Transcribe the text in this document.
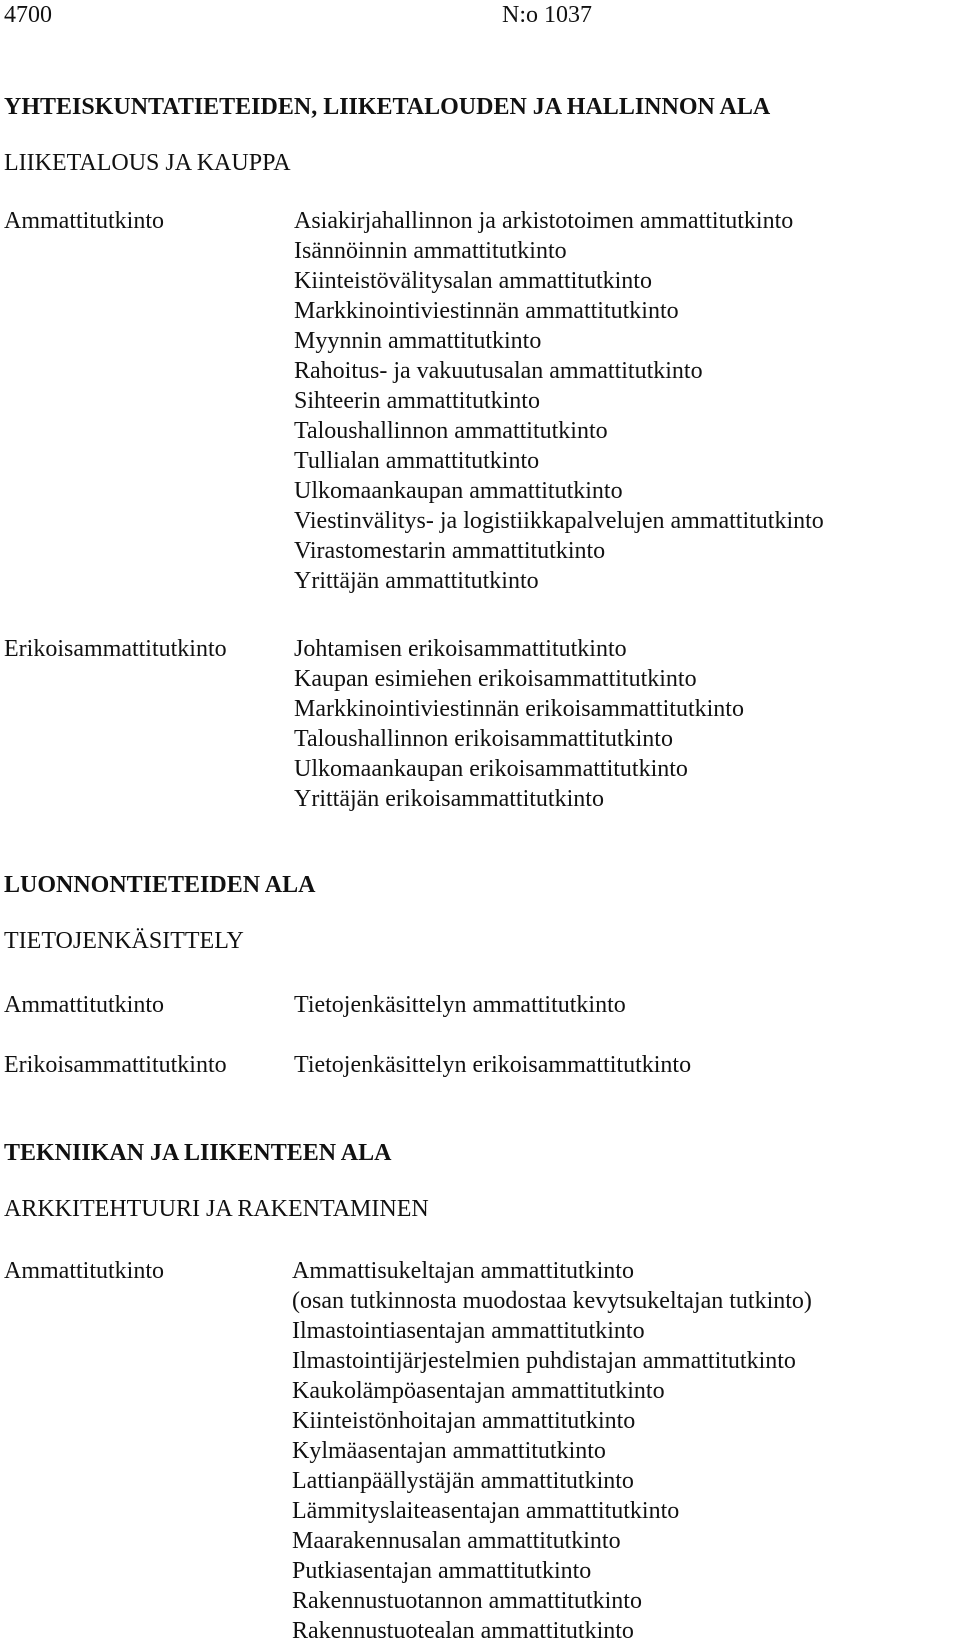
4700	N:o 1037
YHTEISKUNTATIETEIDEN, LIIKETALOUDEN JA HALLINNON ALA
LIIKETALOUS JA KAUPPA
Ammattitutkinto	Asiakirjahallinnon ja arkistotoimen ammattitutkinto
Isännöinnin ammattitutkinto
Kiinteistövälitysalan ammattitutkinto
Markkinointiviestinnän ammattitutkinto
Myynnin ammattitutkinto
Rahoitus- ja vakuutusalan ammattitutkinto
Sihteerin ammattitutkinto
Taloushallinnon ammattitutkinto
Tullialan ammattitutkinto
Ulkomaankaupan ammattitutkinto
Viestinvälitys- ja logistiikkapalvelujen ammattitutkinto
Virastomestarin ammattitutkinto
Yrittäjän ammattitutkinto
Erikoisammattitutkinto	Johtamisen erikoisammattitutkinto
Kaupan esimiehen erikoisammattitutkinto
Markkinointiviestinnän erikoisammattitutkinto
Taloushallinnon erikoisammattitutkinto
Ulkomaankaupan erikoisammattitutkinto
Yrittäjän erikoisammattitutkinto
LUONNONTIETEIDEN ALA
TIETOJENKÄSITTELY
Ammattitutkinto	Tietojenkäsittelyn ammattitutkinto
Erikoisammattitutkinto	Tietojenkäsittelyn erikoisammattitutkinto
TEKNIIKAN JA LIIKENTEEN ALA
ARKKITEHTUURI JA RAKENTAMINEN
Ammattitutkinto	Ammattisukeltajan ammattitutkinto
(osan tutkinnosta muodostaa kevytsukeltajan tutkinto)
Ilmastointiasentajan ammattitutkinto
Ilmastointijärjestelmien puhdistajan ammattitutkinto
Kaukolämpöasentajan ammattitutkinto
Kiinteistönhoitajan ammattitutkinto
Kylmäasentajan ammattitutkinto
Lattianpäällystäjän ammattitutkinto
Lämmityslaiteasentajan ammattitutkinto
Maarakennusalan ammattitutkinto
Putkiasentajan ammattitutkinto
Rakennustuotannon ammattitutkinto
Rakennustuotealan ammattitutkinto
